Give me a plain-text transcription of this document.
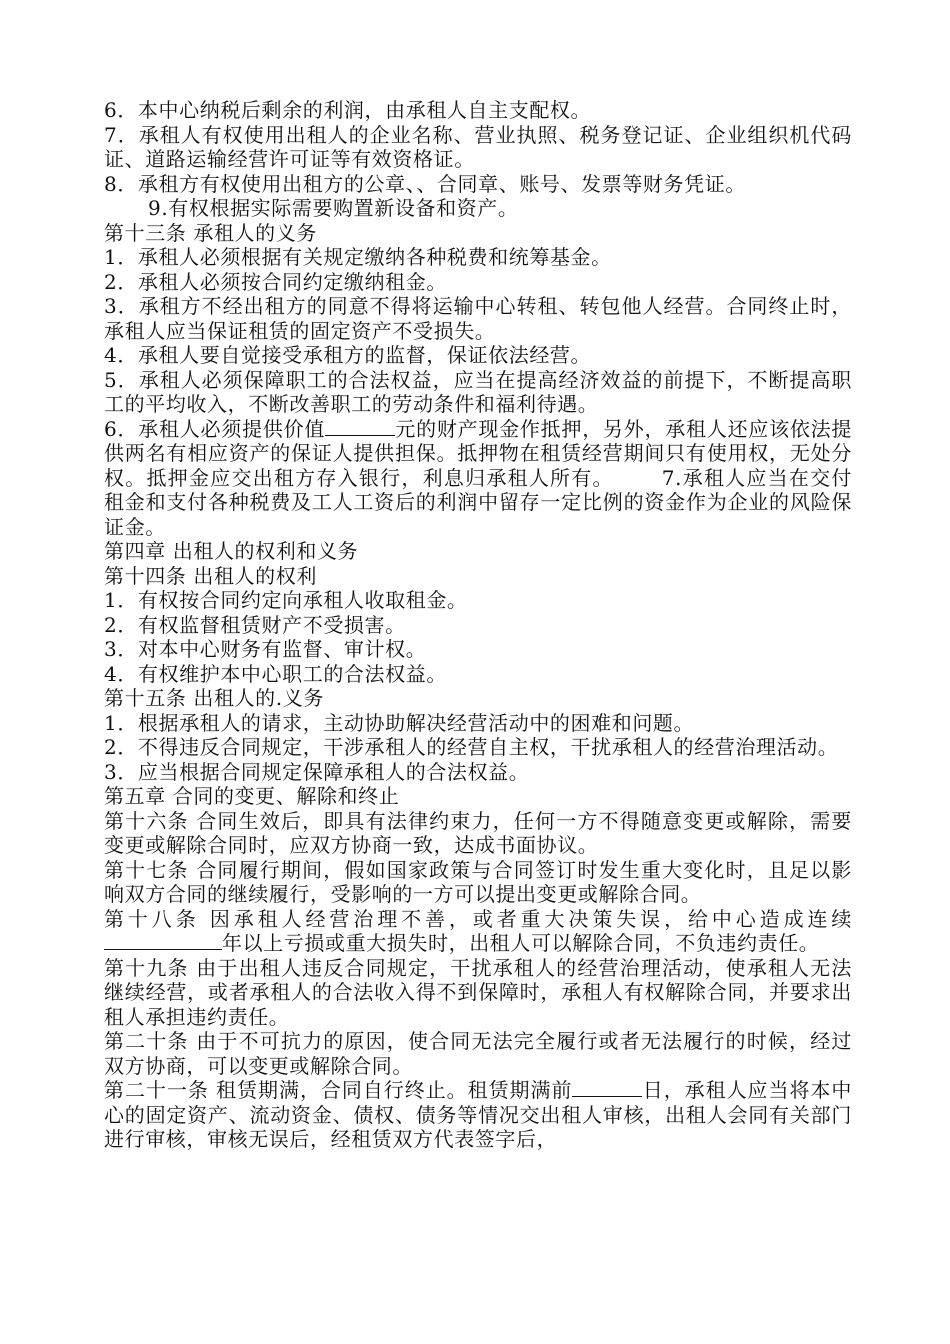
6．本中心纳税后剩余的利润，由承租人自主支配权。

7．承租人有权使用出租人的企业名称、营业执照、税务登记证、企业组织机代码证、道路运输经营许可证等有效资格证。

8．承租方有权使用出租方的公章、、合同章、账号、发票等财务凭证。

9.有权根据实际需要购置新设备和资产。

第十三条 承租人的义务

1．承租人必须根据有关规定缴纳各种税费和统筹基金。

2．承租人必须按合同约定缴纳租金。

3．承租方不经出租方的同意不得将运输中心转租、转包他人经营。合同终止时，承租人应当保证租赁的固定资产不受损失。

4．承租人要自觉接受承租方的监督，保证依法经营。

5．承租人必须保障职工的合法权益，应当在提高经济效益的前提下，不断提高职工的平均收入，不断改善职工的劳动条件和福利待遇。

6．承租人必须提供价值	元的财产现金作抵押，另外，承租人还应该依法提供两名有相应资产的保证人提供担保。抵押物在租赁经营期间只有使用权，无处分权。抵押金应交出租方存入银行，利息归承租人所有。 7.承租人应当在交付租金和支付各种税费及工人工资后的利润中留存一定比例的资金作为企业的风险保证金。

第四章 出租人的权利和义务

第十四条 出租人的权利

1．有权按合同约定向承租人收取租金。

2．有权监督租赁财产不受损害。

3．对本中心财务有监督、审计权。

4．有权维护本中心职工的合法权益。

第十五条 出租人的.义务

1．根据承租人的请求，主动协助解决经营活动中的困难和问题。

2．不得违反合同规定，干涉承租人的经营自主权，干扰承租人的经营治理活动。

3．应当根据合同规定保障承租人的合法权益。

第五章 合同的变更、解除和终止

第十六条 合同生效后，即具有法律约束力，任何一方不得随意变更或解除，需要变更或解除合同时，应双方协商一致，达成书面协议。

第十七条 合同履行期间，假如国家政策与合同签订时发生重大变化时，且足以影响双方合同的继续履行，受影响的一方可以提出变更或解除合同。

第十八条 因承租人经营治理不善，或者重大决策失误，给中心造成连续年以上亏损或重大损失时，出租人可以解除合同，不负违约责任。

第十九条 由于出租人违反合同规定，干扰承租人的经营治理活动，使承租人无法继续经营，或者承租人的合法收入得不到保障时，承租人有权解除合同，并要求出租人承担违约责任。

第二十条 由于不可抗力的原因，使合同无法完全履行或者无法履行的时候，经过双方协商，可以变更或解除合同。

第二十一条 租赁期满，合同自行终止。租赁期满前	日，承租人应当将本中心的固定资产、流动资金、债权、债务等情况交出租人审核，出租人会同有关部门进行审核，审核无误后，经租赁双方代表签字后，
